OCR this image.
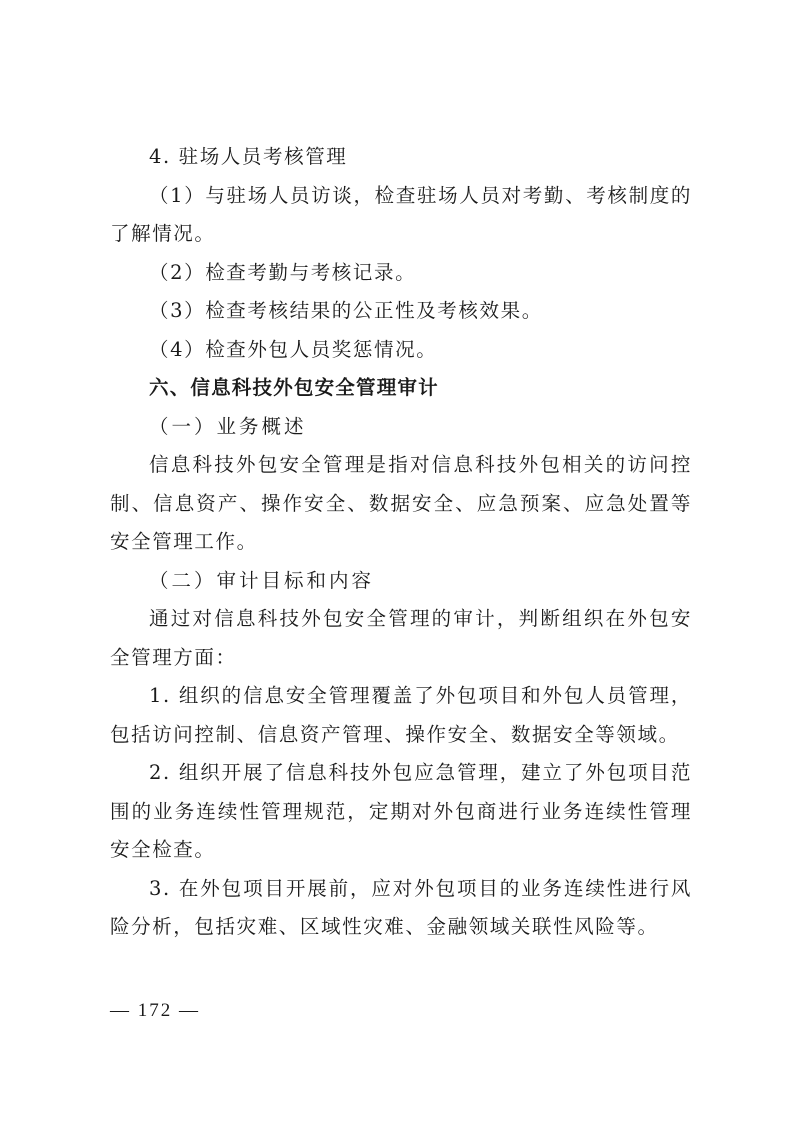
4. 驻场人员考核管理

（1）与驻场人员访谈，检查驻场人员对考勤、考核制度的了解情况。

（2）检查考勤与考核记录。

（3）检查考核结果的公正性及考核效果。

（4）检查外包人员奖惩情况。

六、信息科技外包安全管理审计

（一）业务概述

信息科技外包安全管理是指对信息科技外包相关的访问控制、信息资产、操作安全、数据安全、应急预案、应急处置等安全管理工作。

（二）审计目标和内容

通过对信息科技外包安全管理的审计，判断组织在外包安全管理方面：

1. 组织的信息安全管理覆盖了外包项目和外包人员管理，包括访问控制、信息资产管理、操作安全、数据安全等领域。

2. 组织开展了信息科技外包应急管理，建立了外包项目范围的业务连续性管理规范，定期对外包商进行业务连续性管理安全检查。

3. 在外包项目开展前，应对外包项目的业务连续性进行风险分析，包括灾难、区域性灾难、金融领域关联性风险等。

— 172 —
